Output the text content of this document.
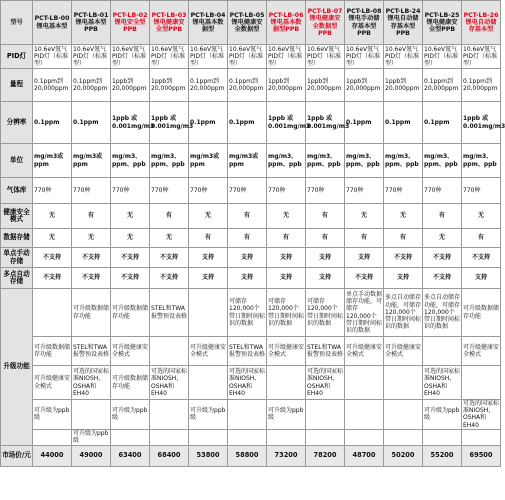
型号	PCT-LB-00 锂电基本型	PCT-LB-01 锂电基本型PPB	PCT-LB-02 锂电安全型PPB	PCT-LB-03 锂电健康安全型PPB	PCT-LB-04 锂电基本数据型	PCT-LB-05 锂电健康安全数据型	PCT-LB-06 锂电基本数据型PPB	PCT-LB-07 锂电健康安全数据型PPB	PCT-LB-08 锂电手动储存基本型PPB	PCT-LB-24 锂电自动储存基本型PPB	PCT-LB-25 锂电健康安全型PPB	PCT-LB-26 锂电自动储存基本型
PID灯	10.6eV氪气PID灯（标准型）	10.6eV氪气PID灯（标准型）	10.6eV氪气PID灯（标准型）	10.6eV氪气PID灯（标准型）	10.6eV氪气PID灯（标准型）	10.6eV氪气PID灯（标准型）	10.6eV氪气PID灯（标准型）	10.6eV氪气PID灯（标准型）	10.6eV氪气PID灯（标准型）	10.6eV氪气PID灯（标准型）	10.6eV氪气PID灯（标准型）	10.6eV氪气PID灯（标准型）
量程	0.1ppm到20,000ppm	0.1ppm到20,000ppm	1ppb到20,000ppm	1ppb到20,000ppm	0.1ppm到20,000ppm	0.1ppm到20,000ppm	1ppb到20,000ppm	1ppb到20,000ppm	1ppb到20,000ppm	1ppb到20,000ppm	0.1ppm到20,000ppm	0.1ppm到20,000ppm
分辨率	0.1ppm	0.1ppm	1ppb 或 0.001mg/m3	1ppb 或 0.001mg/m3	0.1ppm	0.1ppm	1ppb 或 0.001mg/m3	1ppb 或 0.001mg/m3	0.1ppm	0.1ppm	0.1ppm	1ppb 或 0.001mg/m3
单位	mg/m3或ppm	mg/m3或ppm	mg/m3、ppm、ppb	mg/m3、ppm、ppb	mg/m3或ppm	mg/m3或ppm	mg/m3、ppm、ppb	mg/m3、ppm、ppb	mg/m3、ppm、ppb	mg/m3、ppm、ppb	mg/m3、ppm、ppb	mg/m3、ppm、ppb
气体库	770种	770种	770种	770种	770种	770种	770种	770种	770种	770种	770种	770种
健康安全模式	无	有	无	有	无	有	无	有	无	无	有	无
数据存储	无	无	无	无	有	有	有	有	有	有	无	有
单点手动存储	不支持	不支持	不支持	不支持	支持	支持	支持	支持	支持	不支持	不支持	不支持
多点自动存储	不支持	不支持	不支持	不支持	支持	支持	支持	支持	不支持	支持	不支持	支持
升级功能		可升级数据储存功能	可升级数据储存功能	STEL和TWA报警预设表格		可储存120,000个带日期时间标识的数据	可储存120,000个带日期时间标识的数据	可储存120,000个带日期时间标识的数据	单点手动数据储存功能，可储存120,000个带日期时间标识的数据	多点自动储存功能，可储存120,000个带日期时间标识的数据	多点自动储存功能，可储存120,000个带日期时间标识的数据	可升级数据储存功能
	可升级数据储存功能	STEL和TWA报警预设表格	可升级健康安全模式		可升级健康安全模式	STEL和TWA报警预设表格	可升级健康安全模式	STEL和TWA报警预设表格	可升级健康安全模式	可升级健康安全模式		可升级健康安全模式
	可升级健康安全模式	可选的国家标准NIOSH，OSHA和EH40	可升级数据储存功能	可选的国家标准NIOSH，OSHA和EH40		可选的国家标准NIOSH，OSHA和EH40		可选的国家标准NIOSH，OSHA和EH40			可选的国家标准NIOSH，OSHA和EH40	
	可升级为ppb级		可升级为ppb级		可升级为ppb级		可升级为ppb级				可升级为ppb级	可选的国家标准NIOSH，OSHA和EH40
		可升级为ppb级										
市场价/元	44000	49000	63400	68400	53800	58800	73200	78200	48700	50200	55200	69500
